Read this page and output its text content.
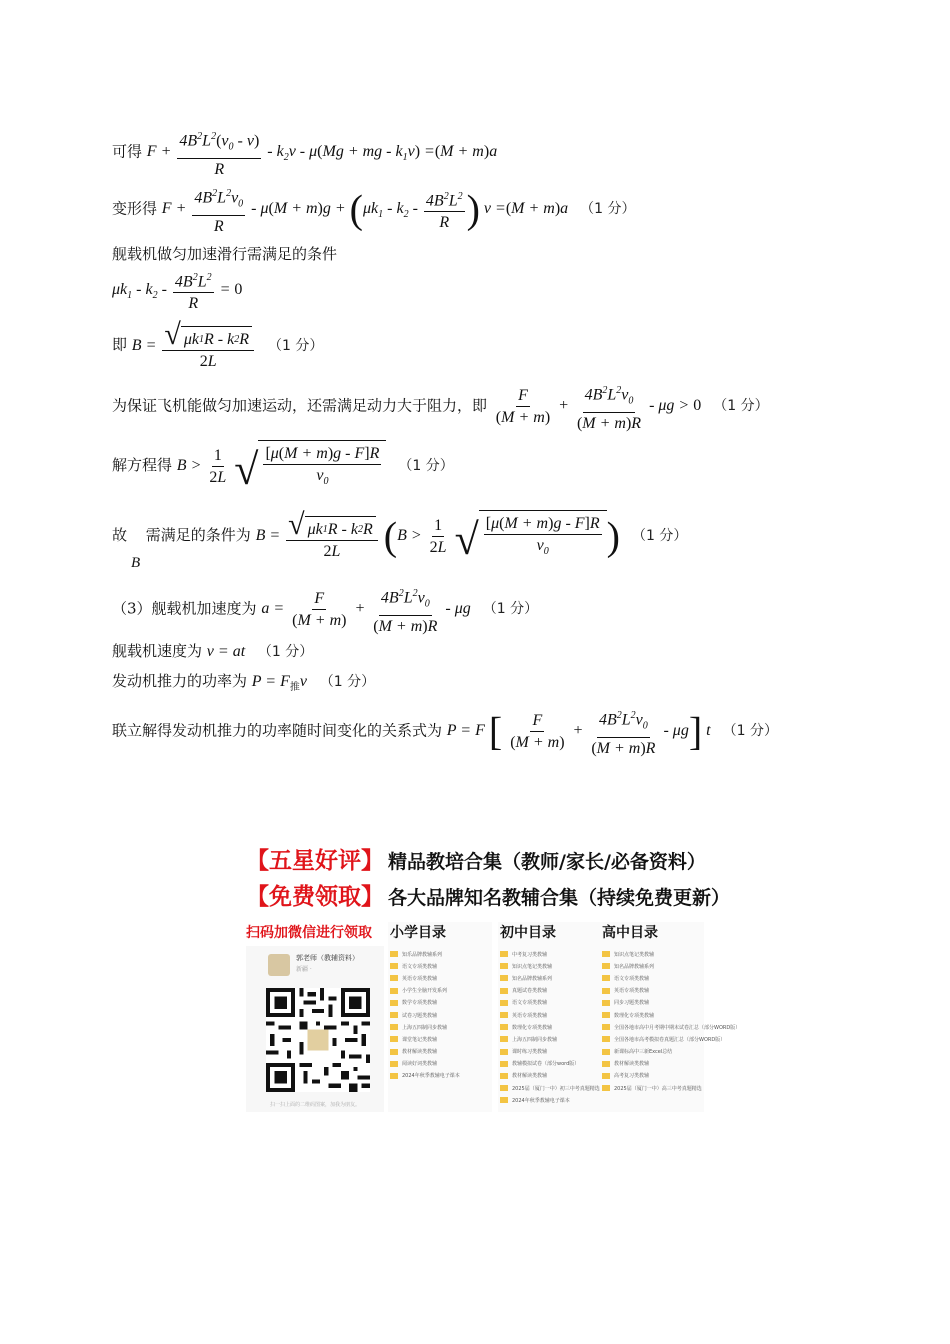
可得 $F + \frac{4B^2L^2(v_0 - v)}{R} - k_2v - \mu(Mg$ + mg - $k_1v) =(M + m)a$
变形得 $F + \frac{4B^2L^2v_0}{R} - \mu(M + m)g + (\mu k_1 - k_2 - \frac{4B^2L^2}{R}$ ) v =(M + m)a （1 分）
舰载机做匀加速滑行需满足的条件
$\mu k_1 - k_2 - \frac{4B^2L^2}{R} = 0$
即 $B = \frac{√ \mu k 1 R - k 2 R}{2L} (1$ 分）
为保证飞机能做匀加速运动，还需满足动力大于阻力，即 $\frac{F}{(M + m)} + \frac{4B^2L^2v_0}{(M + m)R} - \mu g > 0$ （1 分）
解方程得 $B > \frac{1}{2L}$
√ $\frac{[\mu(M + m)g - F]R}{v_0} (1$ 分）
故 需满足的条件为 $B = \frac{√ \mu k 1 R - k 2 R}{2L} (B > \frac{1}{2L}$
√ $\frac{[\mu(M + m)g - F]R}{v_0}$ ) （1 分）
B
（3）舰载机加速度为 $a = \frac{F}{(M + m)} + \frac{4B^2L^2v_0}{(M + m)R} - \mu g$ （1 分）
舰载机速度为 v = at （1 分）
发动机推力的功率为 $P = F_推v$ （1 分）
联立解得发动机推力的功率随时间变化的关系式为 P = F [ $\frac{F}{(M + m)} + \frac{4B^2L^2v_0}{(M + m)R} - \mu g$] t （1 分）
【五星好评】 精品教培合集（教师/家长/必备资料）
【免费领取】 各大品牌知名教辅合集（持续免费更新）
扫码加微信进行领取
郭老师（教辅资料）
新疆 ·
扫一扫上面的二维码图案，加我为朋友。
小学目录
知乐品牌教辅系列
语文专项类教辅
英语专项类教辅
小学生全脑开发系列
数学专项类教辅
试卷习题类教辅
上海五四制同步教辅
课堂笔记类教辅
教材解读类教辅
阅读好词类教辅
2024年秋季教辅电子课本
初中目录
中考复习类教辅
知识点笔记类教辅
知名品牌教辅系列
真题试卷类教辅
语文专项类教辅
英语专项类教辅
数理化专项类教辅
上海五四制同步教辅
课时练习类教辅
教辅模拟试卷（部分word版）
教材解读类教辅
2025届（厦门一中）初三中考真题精选
2024年秋季教辅电子课本
高中目录
知识点笔记类教辅
知名品牌教辅系列
语文专项类教辅
英语专项类教辅
同步习题类教辅
数理化专项类教辅
全国各地市高中月考期中期末试卷汇总（部分WORD版）
全国各地市高考模拟卷真题汇总（部分WORD版）
新课标高中三新Excel总结
教材解读类教辅
高考复习类教辅
2025届（厦门一中）高三中考真题精选
